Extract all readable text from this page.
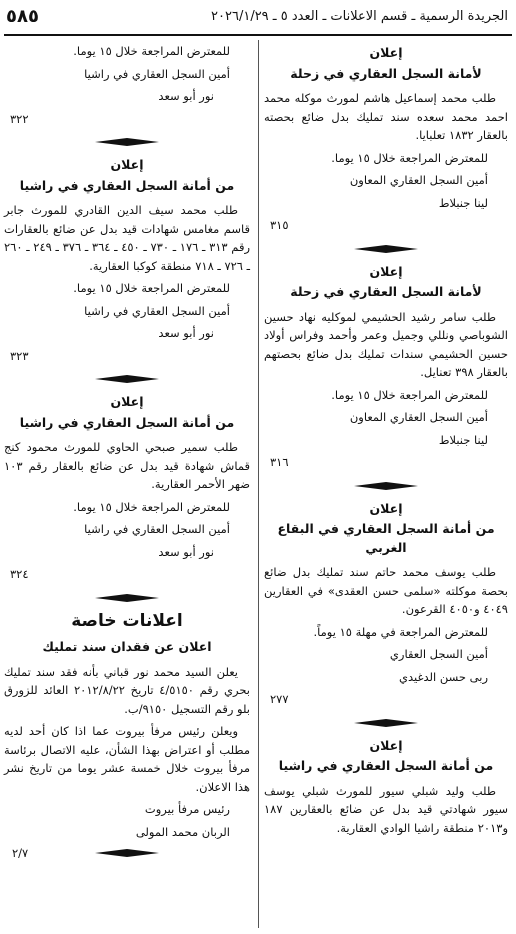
٥٨٥	الجريدة الرسمية ـ قسم الاعلانات ـ العدد ٥ ـ ٢٠٢٦/١/٢٩
إعلان
لأمانة السجل العقاري في زحلة
طلب محمد إسماعيل هاشم لمورث موكله محمد احمد محمد سعده سند تمليك بدل ضائع بحصته بالعقار ١٨٣٢ تعلبايا.
للمعترض المراجعة خلال ١٥ يوما.
أمين السجل العقاري المعاون
لينا جنبلاط
٣١٥
إعلان
لأمانة السجل العقاري في زحلة
طلب سامر رشيد الحشيمي لموكليه نهاد حسين الشوباصي ونللي وجميل وعمر وأحمد وفراس أولاد حسين الحشيمي سندات تمليك بدل ضائع بحصتهم بالعقار ٣٩٨ تعنايل.
للمعترض المراجعة خلال ١٥ يوما.
أمين السجل العقاري المعاون
لينا جنبلاط
٣١٦
إعلان
من أمانة السجل العقاري في البقاع الغربي
طلب يوسف محمد حاتم سند تمليك بدل ضائع بحصة موكلته «سلمى حسن العقدى» في العقارين ٤٠٤٩ و٤٠٥٠ القرعون.
للمعترض المراجعة في مهلة ١٥ يوماً.
أمين السجل العقاري
ربى حسن الدغيدي
٢٧٧
إعلان
من أمانة السجل العقاري في راشيا
طلب وليد شبلي سيور للمورث شبلي يوسف سيور شهادتي قيد بدل عن ضائع بالعقارين ١٨٧ و٢٠١٣ منطقة راشيا الوادي العقارية.
للمعترض المراجعة خلال ١٥ يوما.
أمين السجل العقاري في راشيا
نور أبو سعد
٣٢٢
إعلان
من أمانة السجل العقاري في راشيا
طلب محمد سيف الدين القادري للمورث جابر قاسم مغامس شهادات قيد بدل عن ضائع بالعقارات رقم ٣١٣ ـ ١٧٦ ـ ٧٣٠ ـ ٤٥٠ ـ ٣٦٤ ـ ٣٧٦ ـ ٢٤٩ ـ ٢٦٠ ـ ٧٢٦ ـ ٧١٨ منطقة كوكبا العقارية.
للمعترض المراجعة خلال ١٥ يوما.
أمين السجل العقاري في راشيا
نور أبو سعد
٣٢٣
إعلان
من أمانة السجل العقاري في راشيا
طلب سمير صبحي الحاوي للمورث محمود كنج قماش شهادة قيد بدل عن ضائع بالعقار رقم ١٠٣ ضهر الأحمر العقارية.
للمعترض المراجعة خلال ١٥ يوما.
أمين السجل العقاري في راشيا
نور أبو سعد
٣٢٤
اعلانات خاصة
اعلان عن فقدان سند تمليك
يعلن السيد محمد نور قباني بأنه فقد سند تمليك بحري رقم ٤/٥١٥٠ تاريخ ٢٠١٢/٨/٢٢ العائد للزورق بلو رقم التسجيل ٩١٥٠/ب.
ويعلن رئيس مرفأ بيروت عما اذا كان أحد لديه مطلب أو اعتراض بهذا الشأن، عليه الاتصال برئاسة مرفأ بيروت خلال خمسة عشر يوما من تاريخ نشر هذا الاعلان.
رئيس مرفأ بيروت
الربان محمد المولى
٢/٧
